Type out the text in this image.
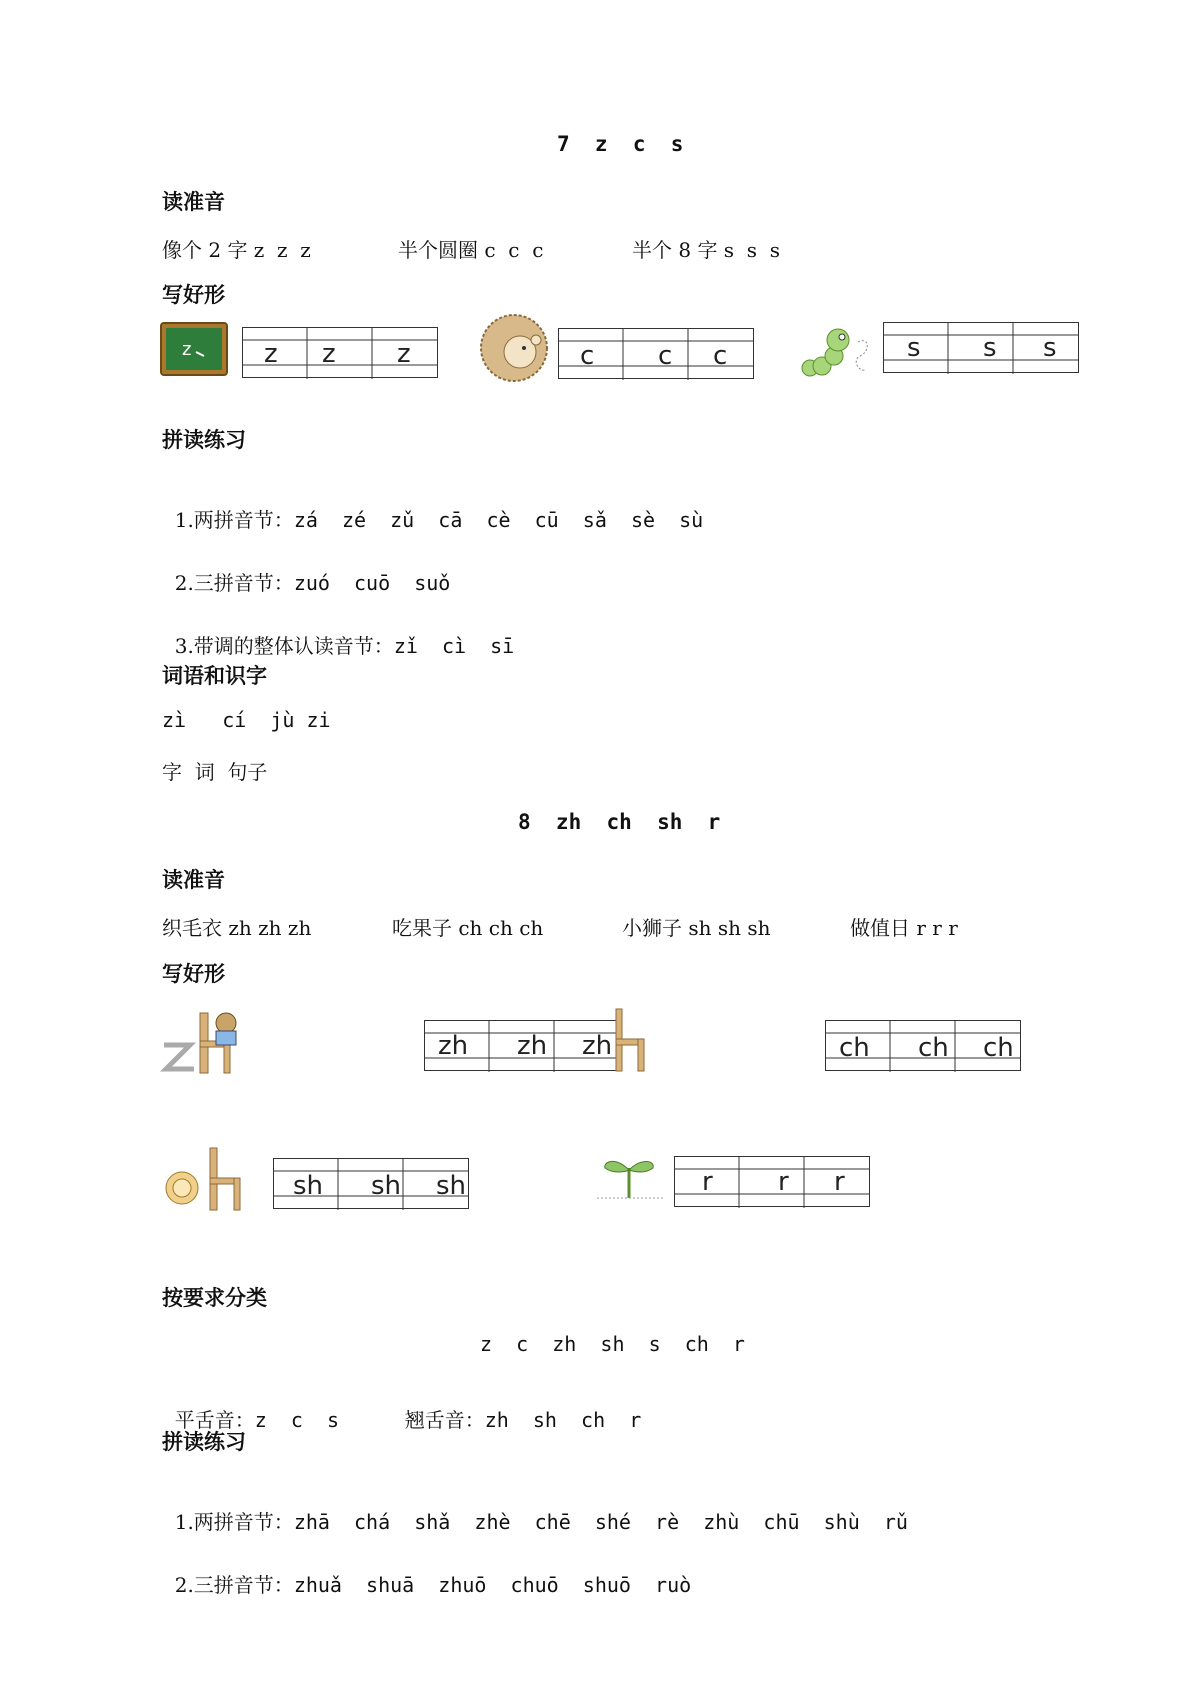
7  z  c  s
读准音
像个 2 字 z  z  z	半个圆圈 c  c  c	半个 8 字 s  s  s
写好形
z	z z z	c c c	s s s
拼读练习

1.两拼音节：zá  zé  zǔ  cā  cè  cū  sǎ  sè  sù

2.三拼音节：zuó  cuō  suǒ

3.带调的整体认读音节：zǐ  cì  sī

词语和识字
zì   cí  jù zi
字  词  句子
8  zh  ch  sh  r
读准音
织毛衣 zh zh zh	吃果子 ch ch ch	小狮子 sh sh sh	做值日 r r r
写好形
zh zh zh	ch ch ch
sh sh sh	r	r r
按要求分类
z  c  zh  sh  s  ch  r

平舌音：z  c  s	翘舌音：zh  sh  ch  r

拼读练习

1.两拼音节：zhā  chá  shǎ  zhè  chē  shé  rè  zhù  chū  shù  rǔ

2.三拼音节：zhuǎ  shuā  zhuō  chuō  shuō  ruò
